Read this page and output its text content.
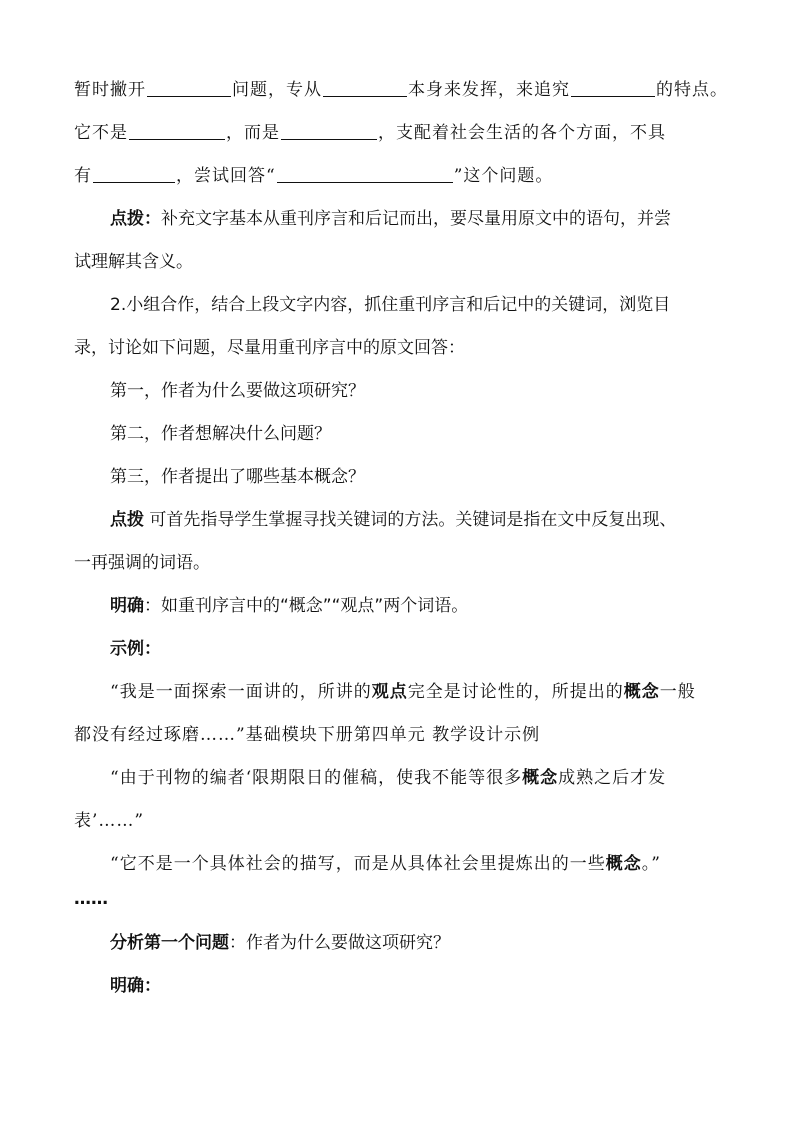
暂时撇开	问题，专从	本身来发挥，来追究	的特点。
它不是	，而是	，支配着社会生活的各个方面，不具
有	，尝试回答“	”这个问题。
点拨：补充文字基本从重刊序言和后记而出，要尽量用原文中的语句，并尝
试理解其含义。
2.小组合作，结合上段文字内容，抓住重刊序言和后记中的关键词，浏览目
录，讨论如下问题，尽量用重刊序言中的原文回答：
第一，作者为什么要做这项研究？
第二，作者想解决什么问题？
第三，作者提出了哪些基本概念？
点拨 可首先指导学生掌握寻找关键词的方法。关键词是指在文中反复出现、
一再强调的词语。
明确：如重刊序言中的“概念”“观点”两个词语。
示例：
“我是一面探索一面讲的，所讲的观点完全是讨论性的，所提出的概念一般
都没有经过琢磨……”基础模块下册第四单元 教学设计示例
“由于刊物的编者‘限期限日的催稿，使我不能等很多概念成熟之后才发
表’……”
“它不是一个具体社会的描写，而是从具体社会里提炼出的一些概念。”
……
分析第一个问题：作者为什么要做这项研究？
明确：
